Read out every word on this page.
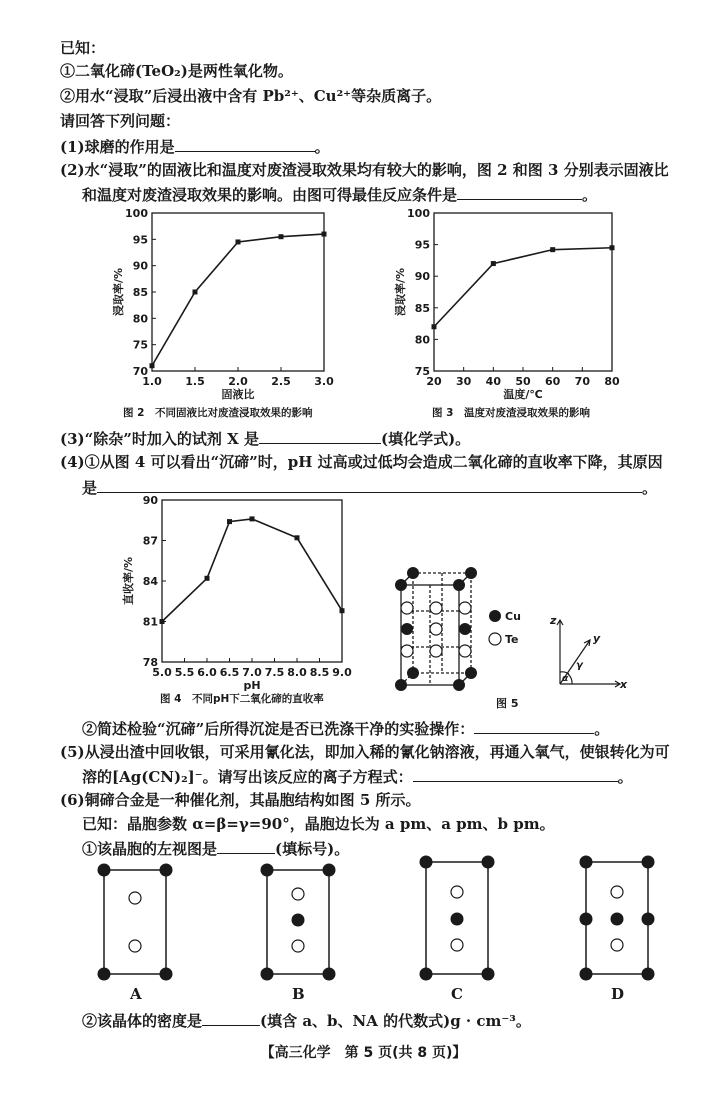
已知：
①二氧化碲(TeO₂)是两性氧化物。
②用水“浸取”后浸出液中含有 Pb²⁺、Cu²⁺等杂质离子。
请回答下列问题：
(1)球磨的作用是	。
(2)水“浸取”的固液比和温度对废渣浸取效果均有较大的影响，图 2 和图 3 分别表示固液比
和温度对废渣浸取效果的影响。由图可得最佳反应条件是	。
70
75
80
85
90
95
100
1.0 1.5 2.0 2.5 3.0
固液比
浸取率/%
图 2　不同固液比对废渣浸取效果的影响
75
80
85
90
95
100
20 30 40 50 60 70 80
温度/℃
浸取率/%
图 3　温度对废渣浸取效果的影响
(3)“除杂”时加入的试剂 X 是	(填化学式)。
(4)①从图 4 可以看出“沉碲”时，pH 过高或过低均会造成二氧化碲的直收率下降，其原因
是	。
78
81
84
87
90
5.0 5.5 6.0 6.5 7.0 7.5 8.0 8.5 9.0
pH
直收率/%
图 4　不同pH下二氧化碲的直收率	图 5
Cu
Te
z
y
x
α
γ
②简述检验“沉碲”后所得沉淀是否已洗涤干净的实验操作：	。
(5)从浸出渣中回收银，可采用氰化法，即加入稀的氰化钠溶液，再通入氧气，使银转化为可
溶的[Ag(CN)₂]⁻。请写出该反应的离子方程式：	。
(6)铜碲合金是一种催化剂，其晶胞结构如图 5 所示。
已知：晶胞参数 α=β=γ=90°，晶胞边长为 a pm、a pm、b pm。
①该晶胞的左视图是	(填标号)。
A	B	C	D
②该晶体的密度是	(填含 a、b、NA 的代数式)g · cm⁻³。
【高三化学　第 5 页(共 8 页)】
